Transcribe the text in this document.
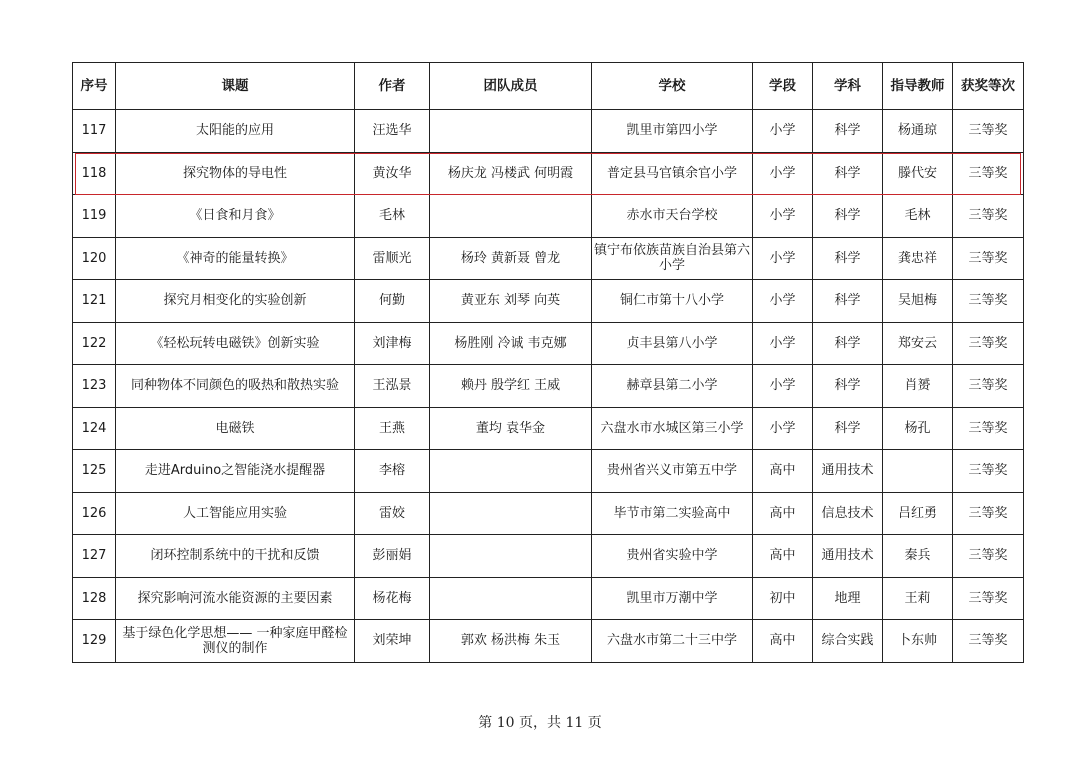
序号	课题	作者	团队成员	学校	学段	学科	指导教师	获奖等次
117	太阳能的应用	汪选华		凯里市第四小学	小学	科学	杨通琼	三等奖
118	探究物体的导电性	黄汝华	杨庆龙 冯楼武 何明霞	普定县马官镇余官小学	小学	科学	滕代安	三等奖
119	《日食和月食》	毛林		赤水市天台学校	小学	科学	毛林	三等奖
120	《神奇的能量转换》	雷顺光	杨玲 黄新聂 曾龙	镇宁布依族苗族自治县第六小学	小学	科学	龚忠祥	三等奖
121	探究月相变化的实验创新	何勤	黄亚东 刘琴 向英	铜仁市第十八小学	小学	科学	吴旭梅	三等奖
122	《轻松玩转电磁铁》创新实验	刘津梅	杨胜刚 冷诚 韦克娜	贞丰县第八小学	小学	科学	郑安云	三等奖
123	同种物体不同颜色的吸热和散热实验	王泓景	赖丹 殷学红 王威	赫章县第二小学	小学	科学	肖赟	三等奖
124	电磁铁	王燕	董均 袁华金	六盘水市水城区第三小学	小学	科学	杨孔	三等奖
125	走进Arduino之智能浇水提醒器	李榕		贵州省兴义市第五中学	高中	通用技术		三等奖
126	人工智能应用实验	雷姣		毕节市第二实验高中	高中	信息技术	吕红勇	三等奖
127	闭环控制系统中的干扰和反馈	彭丽娟		贵州省实验中学	高中	通用技术	秦兵	三等奖
128	探究影响河流水能资源的主要因素	杨花梅		凯里市万潮中学	初中	地理	王莉	三等奖
129	基于绿色化学思想—— 一种家庭甲醛检测仪的制作	刘荣坤	郭欢 杨洪梅 朱玉	六盘水市第二十三中学	高中	综合实践	卜东帅	三等奖
第 10 页，共 11 页
